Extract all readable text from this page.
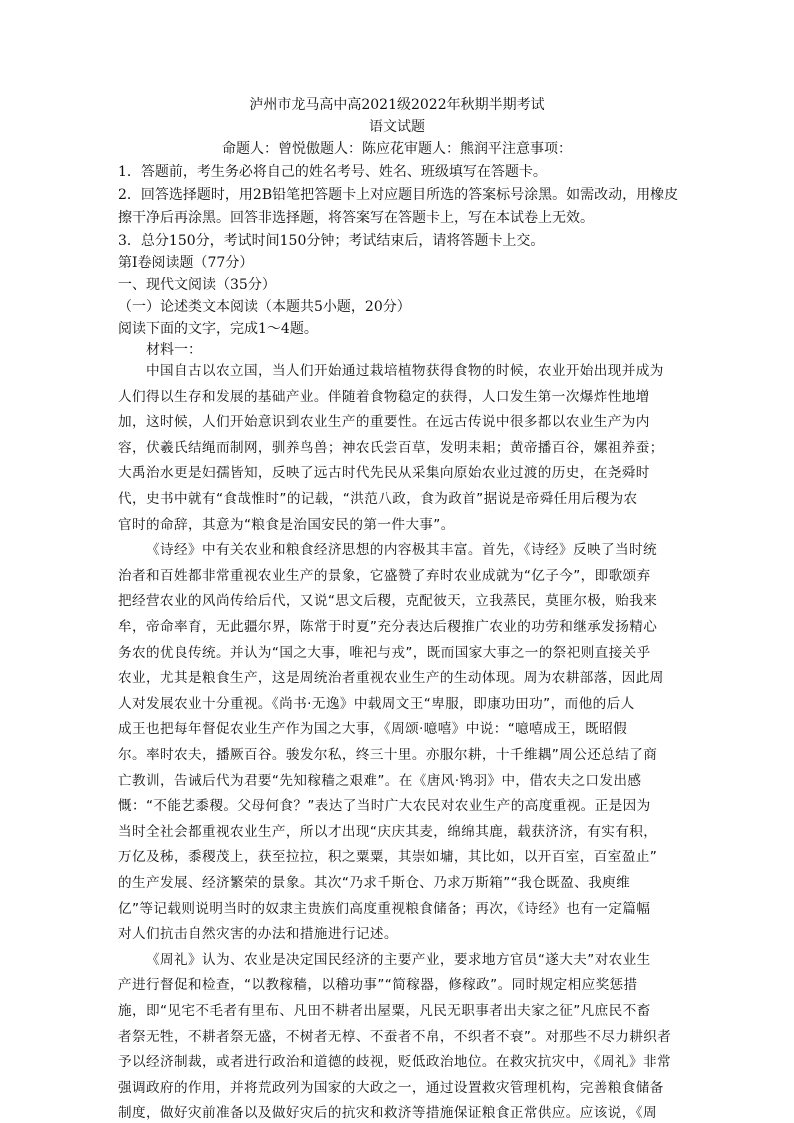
泸州市龙马高中高2021级2022年秋期半期考试
语文试题
命题人：曾悦傲题人：陈应花审题人：熊润平注意事项：
1．答题前，考生务必将自己的姓名考号、姓名、班级填写在答题卡。
2．回答选择题时，用2B铅笔把答题卡上对应题目所选的答案标号涂黑。如需改动，用橡皮
擦干净后再涂黑。回答非选择题，将答案写在答题卡上，写在本试卷上无效。
3．总分150分，考试时间150分钟；考试结束后，请将答题卡上交。
第Ⅰ卷阅读题（77分）
一、现代文阅读（35分）
（一）论述类文本阅读（本题共5小题，20分）
阅读下面的文字，完成1～4题。
材料一：
中国自古以农立国，当人们开始通过栽培植物获得食物的时候，农业开始出现并成为
人们得以生存和发展的基础产业。伴随着食物稳定的获得，人口发生第一次爆炸性地增
加，这时候，人们开始意识到农业生产的重要性。在远古传说中很多都以农业生产为内
容，伏羲氏结绳而制网，驯养鸟兽；神农氏尝百草，发明耒耜；黄帝播百谷，嫘祖养蚕；
大禹治水更是妇孺皆知，反映了远古时代先民从采集向原始农业过渡的历史，在尧舜时
代，史书中就有“食哉惟时”的记载，“洪范八政，食为政首”据说是帝舜任用后稷为农
官时的命辞，其意为“粮食是治国安民的第一件大事”。
《诗经》中有关农业和粮食经济思想的内容极其丰富。首先，《诗经》反映了当时统
治者和百姓都非常重视农业生产的景象，它盛赞了弃时农业成就为“亿子今”，即歌颂弃
把经营农业的风尚传给后代，又说“思文后稷，克配彼天，立我蒸民，莫匪尔极，贻我来
牟，帝命率育，无此疆尔界，陈常于时夏”充分表达后稷推广农业的功劳和继承发扬精心
务农的优良传统。并认为“国之大事，唯祀与戎”，既而国家大事之一的祭祀则直接关乎
农业，尤其是粮食生产，这是周统治者重视农业生产的生动体现。周为农耕部落，因此周
人对发展农业十分重视。《尚书·无逸》中载周文王“卑服，即康功田功”，而他的后人
成王也把每年督促农业生产作为国之大事，《周颂·噫嘻》中说：“噫嘻成王，既昭假
尔。率时农夫，播厥百谷。骏发尔私，终三十里。亦服尔耕，十千维耦”周公还总结了商
亡教训，告诫后代为君要“先知稼穑之艰难”。在《唐风·鸨羽》中，借农夫之口发出感
慨：“不能艺黍稷。父母何食？”表达了当时广大农民对农业生产的高度重视。正是因为
当时全社会都重视农业生产，所以才出现“庆庆其麦，绵绵其鹿，载获济济，有实有积，
万亿及秭，黍稷茂上，获至拉拉，积之粟粟，其崇如墉，其比如，以开百室，百室盈止”
的生产发展、经济繁荣的景象。其次“乃求千斯仓、乃求万斯箱”“我仓既盈、我庾维
亿”等记载则说明当时的奴隶主贵族们高度重视粮食储备；再次，《诗经》也有一定篇幅
对人们抗击自然灾害的办法和措施进行记述。
《周礼》认为、农业是决定国民经济的主要产业，要求地方官员“遂大夫”对农业生
产进行督促和检查，“以教稼穑，以稽功事”“简稼器，修稼政”。同时规定相应奖惩措
施，即“见宅不毛者有里布、凡田不耕者出屋粟，凡民无职事者出夫家之征”凡庶民不畜
者祭无牲，不耕者祭无盛，不树者无椁、不蚕者不帛，不织者不衰”。对那些不尽力耕织者
予以经济制裁，或者进行政治和道德的歧视，贬低政治地位。在救灾抗灾中，《周礼》非常
强调政府的作用，并将荒政列为国家的大政之一，通过设置救灾管理机构，完善粮食储备
制度，做好灾前准备以及做好灾后的抗灾和救济等措施保证粮食正常供应。应该说，《周
